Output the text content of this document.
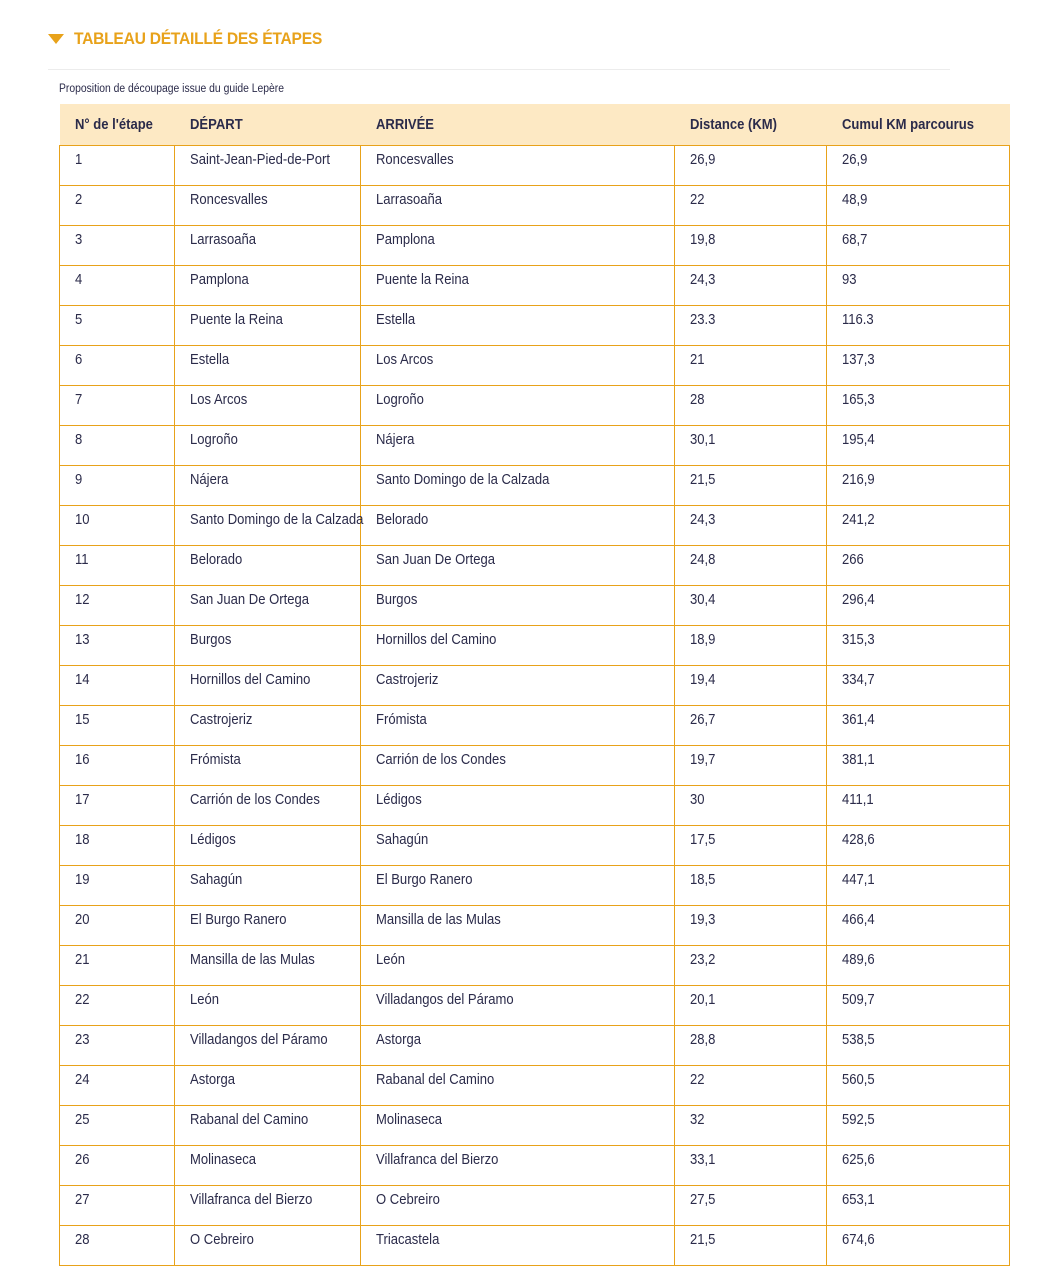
TABLEAU DÉTAILLÉ DES ÉTAPES
Proposition de découpage issue du guide Lepère
N° de l'étape	DÉPART	ARRIVÉE	Distance (KM)	Cumul KM parcourus
1	Saint-Jean-Pied-de-Port	Roncesvalles	26,9	26,9
2	Roncesvalles	Larrasoaña	22	48,9
3	Larrasoaña	Pamplona	19,8	68,7
4	Pamplona	Puente la Reina	24,3	93
5	Puente la Reina	Estella	23.3	116.3
6	Estella	Los Arcos	21	137,3
7	Los Arcos	Logroño	28	165,3
8	Logroño	Nájera	30,1	195,4
9	Nájera	Santo Domingo de la Calzada	21,5	216,9
10	Santo Domingo de la Calzada	Belorado	24,3	241,2
11	Belorado	San Juan De Ortega	24,8	266
12	San Juan De Ortega	Burgos	30,4	296,4
13	Burgos	Hornillos del Camino	18,9	315,3
14	Hornillos del Camino	Castrojeriz	19,4	334,7
15	Castrojeriz	Frómista	26,7	361,4
16	Frómista	Carrión de los Condes	19,7	381,1
17	Carrión de los Condes	Lédigos	30	411,1
18	Lédigos	Sahagún	17,5	428,6
19	Sahagún	El Burgo Ranero	18,5	447,1
20	El Burgo Ranero	Mansilla de las Mulas	19,3	466,4
21	Mansilla de las Mulas	León	23,2	489,6
22	León	Villadangos del Páramo	20,1	509,7
23	Villadangos del Páramo	Astorga	28,8	538,5
24	Astorga	Rabanal del Camino	22	560,5
25	Rabanal del Camino	Molinaseca	32	592,5
26	Molinaseca	Villafranca del Bierzo	33,1	625,6
27	Villafranca del Bierzo	O Cebreiro	27,5	653,1
28	O Cebreiro	Triacastela	21,5	674,6
